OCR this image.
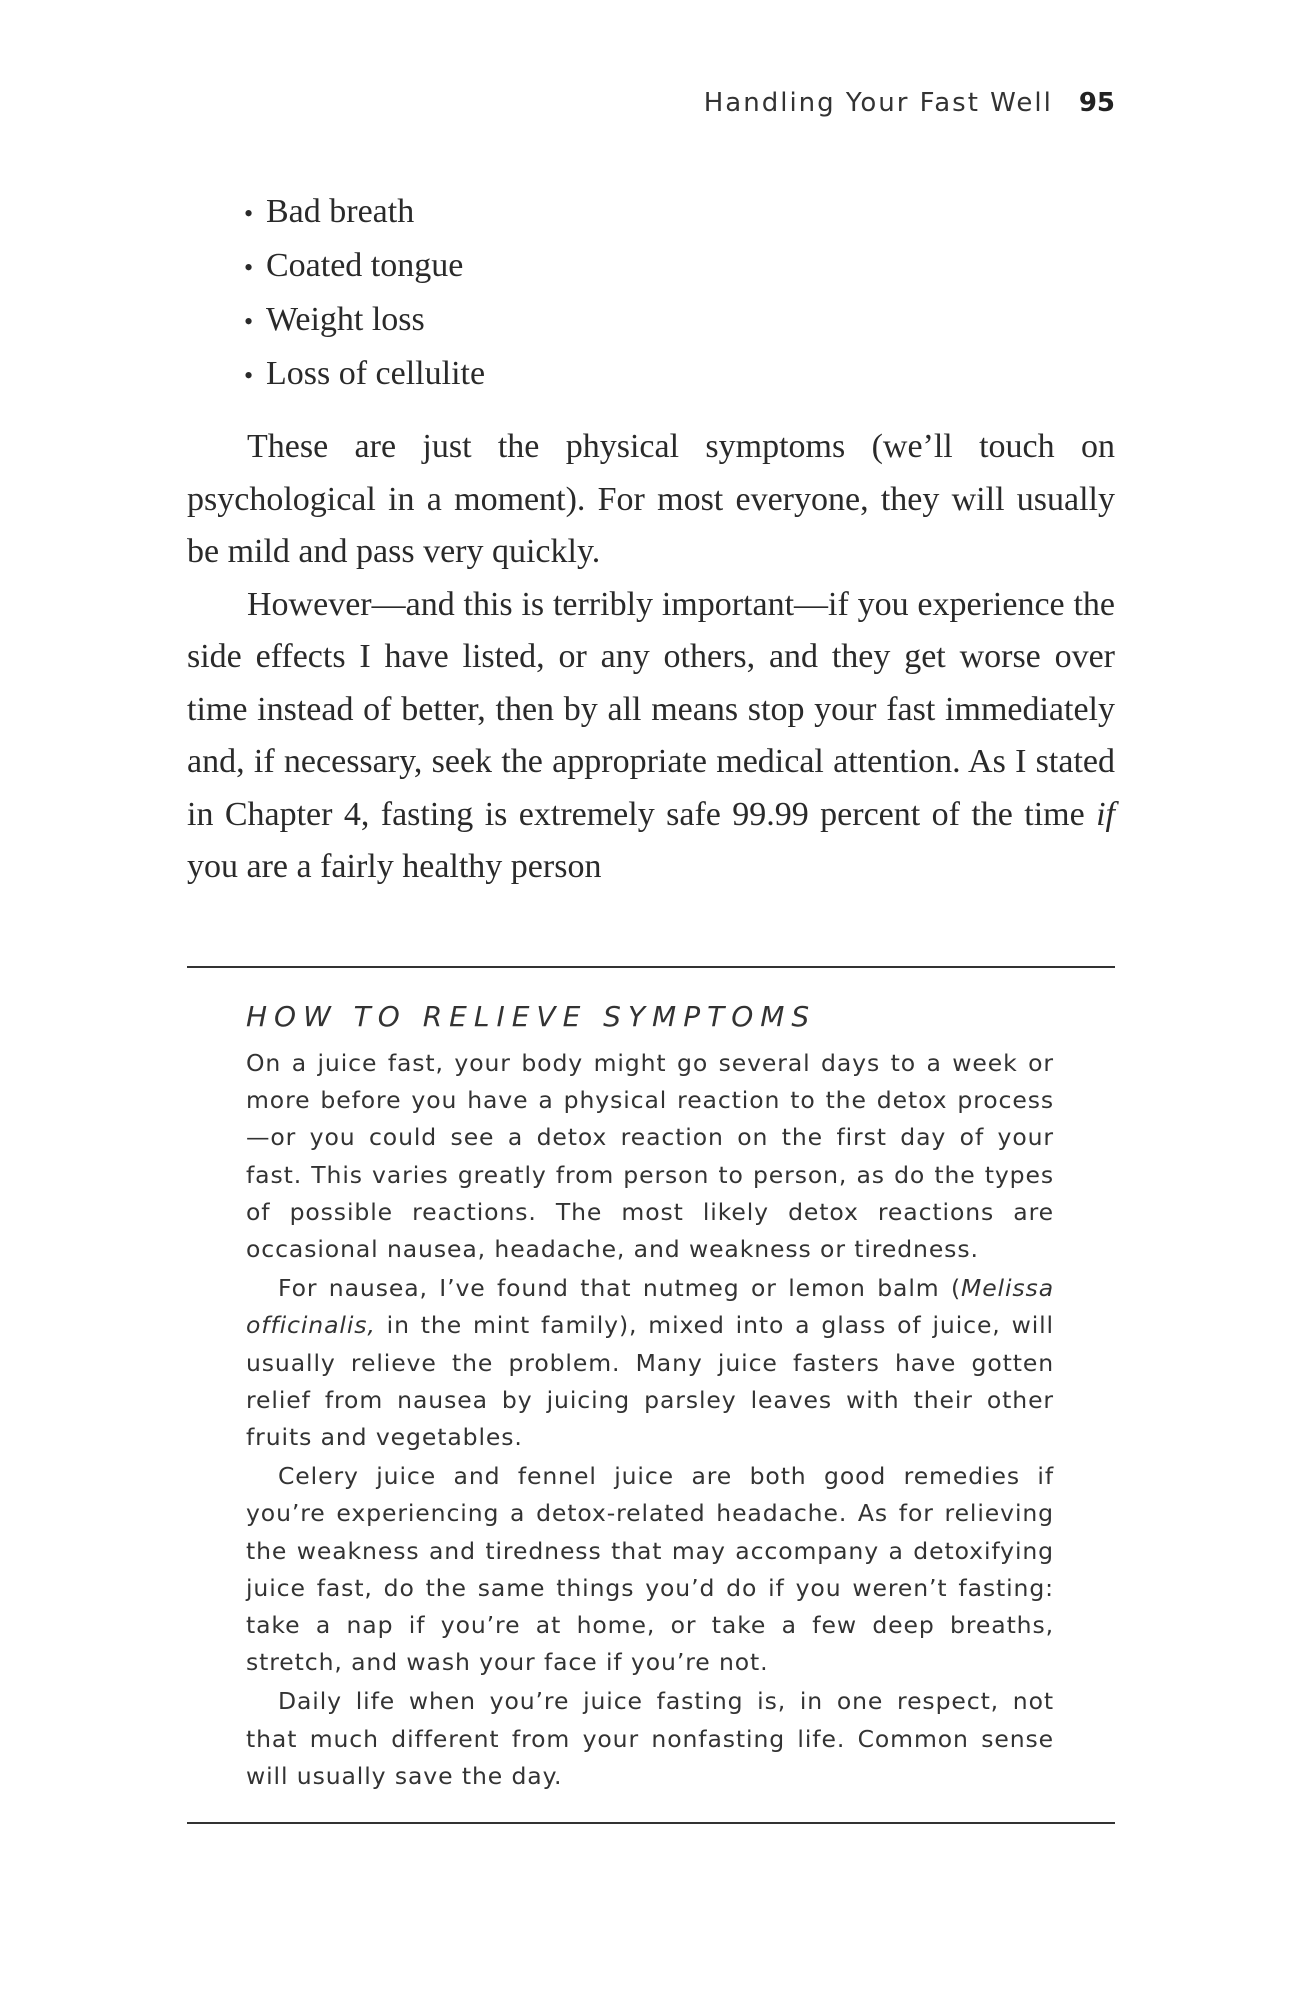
Handling Your Fast Well 95
• Bad breath
• Coated tongue
• Weight loss
• Loss of cellulite

These are just the physical symptoms (we’ll touch on psychological in a moment). For most everyone, they will usually be mild and pass very quickly.

However—and this is terribly important—if you experience the side effects I have listed, or any others, and they get worse over time instead of better, then by all means stop your fast immediately and, if necessary, seek the appropriate medical attention. As I stated in Chapter 4, fasting is extremely safe 99.99 percent of the time if you are a fairly healthy person

HOW TO RELIEVE SYMPTOMS

On a juice fast, your body might go several days to a week or more before you have a physical reaction to the detox process—or you could see a detox reaction on the first day of your fast. This varies greatly from person to person, as do the types of possible reactions. The most likely detox reactions are occasional nausea, headache, and weakness or tiredness.

For nausea, I’ve found that nutmeg or lemon balm (Melissa officinalis, in the mint family), mixed into a glass of juice, will usually relieve the problem. Many juice fasters have gotten relief from nausea by juicing parsley leaves with their other fruits and vegetables.

Celery juice and fennel juice are both good remedies if you’re experiencing a detox-related headache. As for relieving the weakness and tiredness that may accompany a detoxifying juice fast, do the same things you’d do if you weren’t fasting: take a nap if you’re at home, or take a few deep breaths, stretch, and wash your face if you’re not.

Daily life when you’re juice fasting is, in one respect, not that much different from your nonfasting life. Common sense will usually save the day.
